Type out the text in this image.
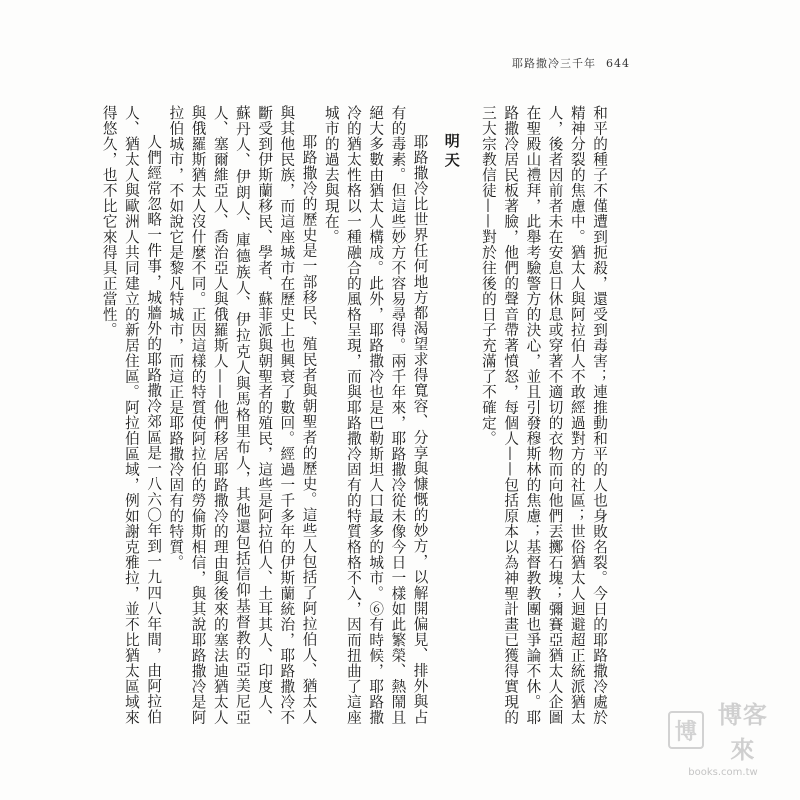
耶路撒冷三千年 644

和平的種子不僅遭到扼殺，還受到毒害；連推動和平的人也身敗名裂。今日的耶路撒冷處於精神分裂的焦慮中。猶太人與阿拉伯人不敢經過對方的社區；世俗猶太人迴避超正統派猶太人，後者因前者未在安息日休息或穿著不適切的衣物而向他們丟擲石塊；彌賽亞猶太人企圖在聖殿山禮拜，此舉考驗警方的決心，並且引發穆斯林的焦慮；基督教教團也爭論不休。耶路撒冷居民板著臉，他們的聲音帶著憤怒，每個人——包括原本以為神聖計畫已獲得實現的三大宗教信徒——對於往後的日子充滿了不確定。

明天

耶路撒冷比世界任何地方都渴望求得寬容、分享與慷慨的妙方，以解開偏見、排外與占有的毒素。但這些妙方不容易尋得。兩千年來，耶路撒冷從未像今日一樣如此繁榮、熱鬧且絕大多數由猶太人構成。此外，耶路撒冷也是巴勒斯坦人口最多的城市。⑥有時候，耶路撒冷的猶太性格以一種融合的風格呈現，而與耶路撒冷固有的特質格格不入，因而扭曲了這座城市的過去與現在。

耶路撒冷的歷史是一部移民、殖民者與朝聖者的歷史。這些人包括了阿拉伯人、猶太人與其他民族，而這座城市在歷史上也興衰了數回。經過一千多年的伊斯蘭統治，耶路撒冷不斷受到伊斯蘭移民、學者、蘇菲派與朝聖者的殖民，這些是阿拉伯人、土耳其人、印度人、蘇丹人、伊朗人、庫德族人、伊拉克人與馬格里布人，其他還包括信仰基督教的亞美尼亞人、塞爾維亞人、喬治亞人與俄羅斯人——他們移居耶路撒冷的理由與後來的塞法迪猶太人與俄羅斯猶太人沒什麼不同。正因這樣的特質使阿拉伯的勞倫斯相信，與其說耶路撒冷是阿拉伯城市，不如說它是黎凡特城市，而這正是耶路撒冷固有的特質。

人們經常忽略一件事，城牆外的耶路撒冷郊區是一八六〇年到一九四八年間，由阿拉伯人、猶太人與歐洲人共同建立的新居住區。阿拉伯區域，例如謝克雅拉，並不比猶太區域來得悠久，也不比它來得具正當性。

博
博客來
books.com.tw
